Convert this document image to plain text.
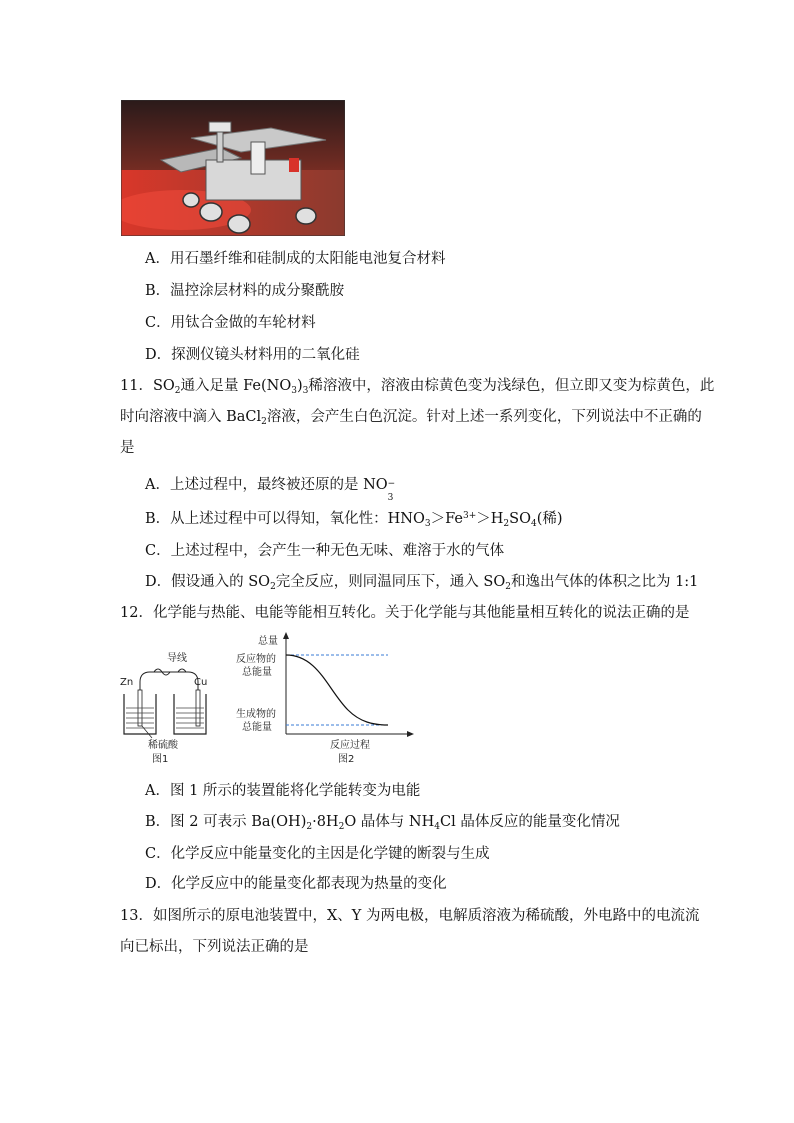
A．用石墨纤维和硅制成的太阳能电池复合材料
B．温控涂层材料的成分聚酰胺
C．用钛合金做的车轮材料
D．探测仪镜头材料用的二氧化硅
11．$SO_2$通入足量 $Fe(NO_3)_3$稀溶液中，溶液由棕黄色变为浅绿色，但立即又变为棕黄色，此
时向溶液中滴入 BaCl$_2$溶液，会产生白色沉淀。针对上述一系列变化，下列说法中不正确的
是
A．上述过程中，最终被还原的是 NO −
3
B．从上述过程中可以得知，氧化性：$HNO_3>Fe^{3+}>H_2SO_4$(稀)
C．上述过程中，会产生一种无色无味、难溶于水的气体
D．假设通入的 $SO_2$完全反应，则同温同压下，通入 $SO_2$和逸出气体的体积之比为 1:1
12．化学能与热能、电能等能相互转化。关于化学能与其他能量相互转化的说法正确的是
导线
Zn	Cu
稀硫酸
图1
总量
反应物的
总能量
生成物的
总能量
反应过程
图2
A．图 1 所示的装置能将化学能转变为电能
B．图 2 可表示 $Ba(OH)_2\cdot 8H_2O$ 晶体与 $NH_4Cl$ 晶体反应的能量变化情况
C．化学反应中能量变化的主因是化学键的断裂与生成
D．化学反应中的能量变化都表现为热量的变化
13．如图所示的原电池装置中，X、Y 为两电极，电解质溶液为稀硫酸，外电路中的电流流
向已标出，下列说法正确的是
